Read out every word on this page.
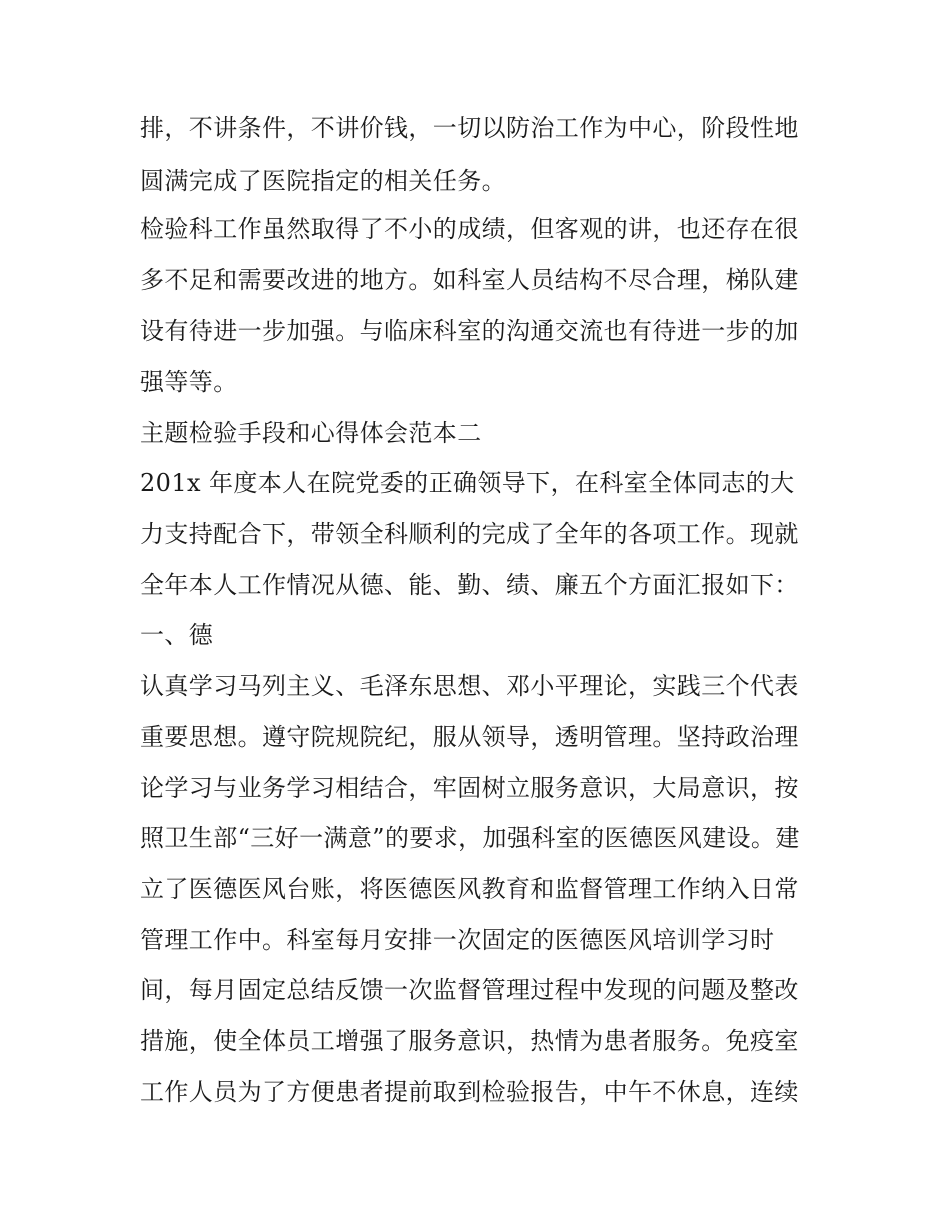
排，不讲条件，不讲价钱，一切以防治工作为中心，阶段性地
圆满完成了医院指定的相关任务。
检验科工作虽然取得了不小的成绩，但客观的讲，也还存在很
多不足和需要改进的地方。如科室人员结构不尽合理，梯队建
设有待进一步加强。与临床科室的沟通交流也有待进一步的加
强等等。
主题检验手段和心得体会范本二
201x 年度本人在院党委的正确领导下，在科室全体同志的大
力支持配合下，带领全科顺利的完成了全年的各项工作。现就
全年本人工作情况从德、能、勤、绩、廉五个方面汇报如下：
一、德
认真学习马列主义、毛泽东思想、邓小平理论，实践三个代表
重要思想。遵守院规院纪，服从领导，透明管理。坚持政治理
论学习与业务学习相结合，牢固树立服务意识，大局意识，按
照卫生部“三好一满意”的要求，加强科室的医德医风建设。建
立了医德医风台账，将医德医风教育和监督管理工作纳入日常
管理工作中。科室每月安排一次固定的医德医风培训学习时
间，每月固定总结反馈一次监督管理过程中发现的问题及整改
措施，使全体员工增强了服务意识，热情为患者服务。免疫室
工作人员为了方便患者提前取到检验报告，中午不休息，连续
